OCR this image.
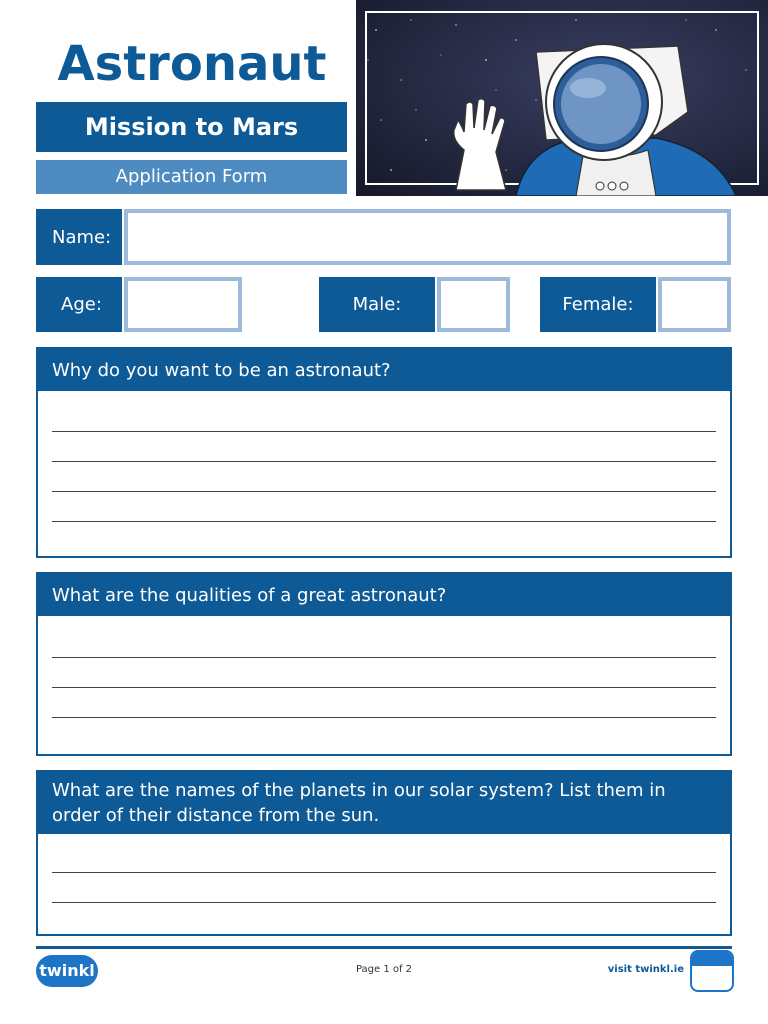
Astronaut
Mission to Mars
Application Form
Name:
Age:	Male:	Female:
Why do you want to be an astronaut?
What are the qualities of a great astronaut?
What are the names of the planets in our solar system? List them in order of their distance from the sun.
twinkl	Page 1 of 2	visit twinkl.ie
